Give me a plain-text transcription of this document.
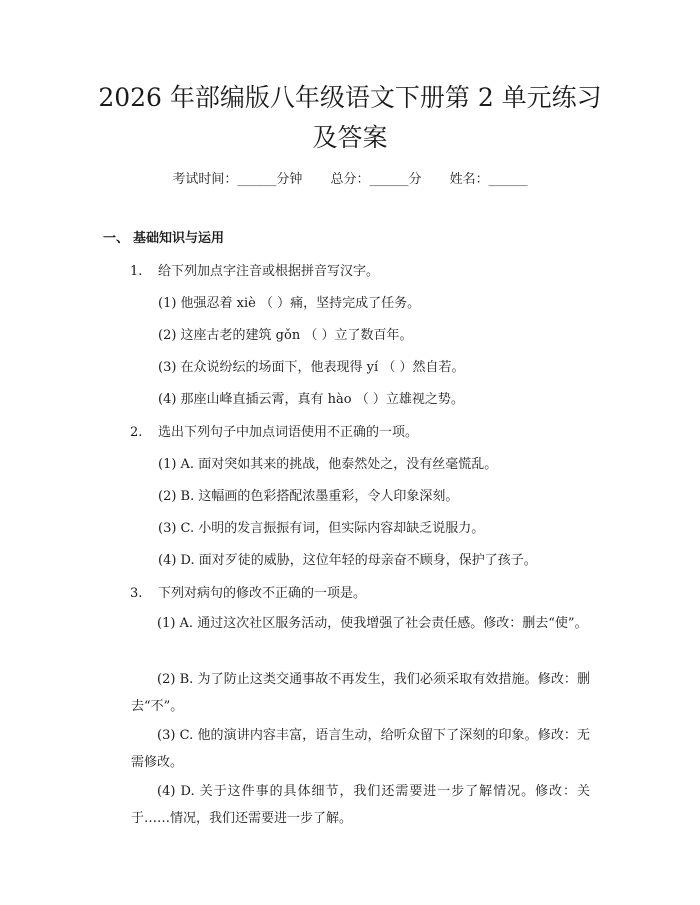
2026 年部编版八年级语文下册第 2 单元练习
及答案
考试时间：______分钟 总分：______分 姓名：______
一、 基础知识与运用
1. 给下列加点字注音或根据拼音写汉字。
(1) 他强忍着 xiè （ ）痛，坚持完成了任务。
(2) 这座古老的建筑 gǒn （ ）立了数百年。
(3) 在众说纷纭的场面下，他表现得 yí （ ）然自若。
(4) 那座山峰直插云霄，真有 hào （ ）立雄视之势。
2. 选出下列句子中加点词语使用不正确的一项。
(1) A. 面对突如其来的挑战，他泰然处之，没有丝毫慌乱。
(2) B. 这幅画的色彩搭配浓墨重彩，令人印象深刻。
(3) C. 小明的发言振振有词，但实际内容却缺乏说服力。
(4) D. 面对歹徒的威胁，这位年轻的母亲奋不顾身，保护了孩子。
3. 下列对病句的修改不正确的一项是。

(1) A. 通过这次社区服务活动，使我增强了社会责任感。修改：删去“使”。

(2) B. 为了防止这类交通事故不再发生，我们必须采取有效措施。修改：删去“不”。

(3) C. 他的演讲内容丰富，语言生动，给听众留下了深刻的印象。修改：无需修改。

(4) D. 关于这件事的具体细节，我们还需要进一步了解情况。修改：关于……情况，我们还需要进一步了解。
